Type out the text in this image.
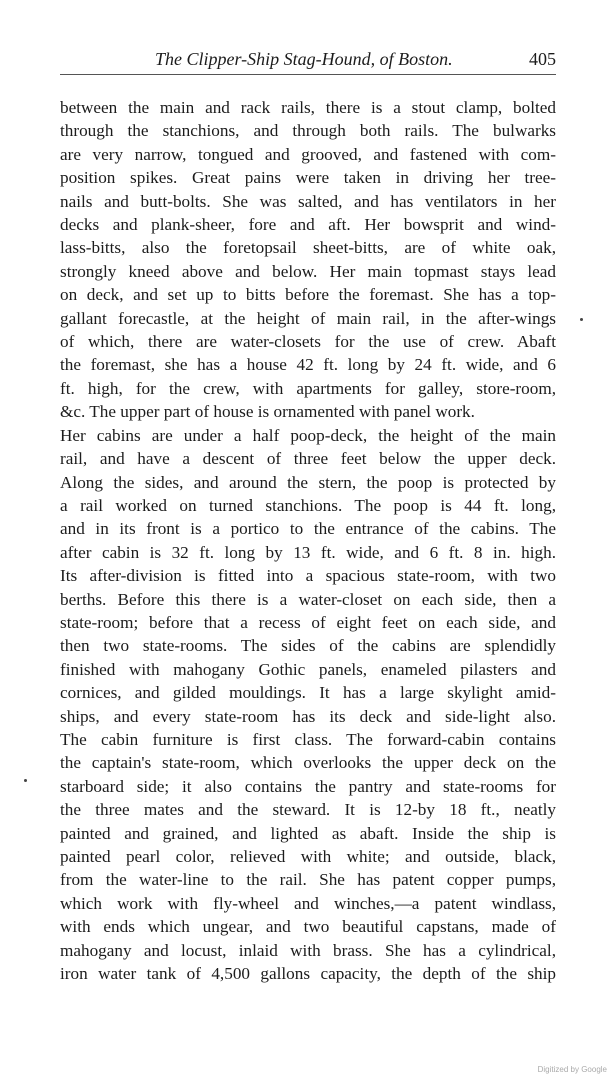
The Clipper-Ship Stag-Hound, of Boston.	405
between the main and rack rails, there is a stout clamp, bolted
through the stanchions, and through both rails. The bulwarks
are very narrow, tongued and grooved, and fastened with com-
position spikes. Great pains were taken in driving her tree-
nails and butt-bolts. She was salted, and has ventilators in her
decks and plank-sheer, fore and aft. Her bowsprit and wind-
lass-bitts, also the foretopsail sheet-bitts, are of white oak,
strongly kneed above and below. Her main topmast stays lead
on deck, and set up to bitts before the foremast. She has a top-
gallant forecastle, at the height of main rail, in the after-wings
of which, there are water-closets for the use of crew. Abaft
the foremast, she has a house 42 ft. long by 24 ft. wide, and 6
ft. high, for the crew, with apartments for galley, store-room,
&c. The upper part of house is ornamented with panel work.
Her cabins are under a half poop-deck, the height of the main
rail, and have a descent of three feet below the upper deck.
Along the sides, and around the stern, the poop is protected by
a rail worked on turned stanchions. The poop is 44 ft. long,
and in its front is a portico to the entrance of the cabins. The
after cabin is 32 ft. long by 13 ft. wide, and 6 ft. 8 in. high.
Its after-division is fitted into a spacious state-room, with two
berths. Before this there is a water-closet on each side, then a
state-room; before that a recess of eight feet on each side, and
then two state-rooms. The sides of the cabins are splendidly
finished with mahogany Gothic panels, enameled pilasters and
cornices, and gilded mouldings. It has a large skylight amid-
ships, and every state-room has its deck and side-light also.
The cabin furniture is first class. The forward-cabin contains
the captain's state-room, which overlooks the upper deck on the
starboard side; it also contains the pantry and state-rooms for
the three mates and the steward. It is 12-by 18 ft., neatly
painted and grained, and lighted as abaft. Inside the ship is
painted pearl color, relieved with white; and outside, black,
from the water-line to the rail. She has patent copper pumps,
which work with fly-wheel and winches,—a patent windlass,
with ends which ungear, and two beautiful capstans, made of
mahogany and locust, inlaid with brass. She has a cylindrical,
iron water tank of 4,500 gallons capacity, the depth of the ship
Digitized by Google
